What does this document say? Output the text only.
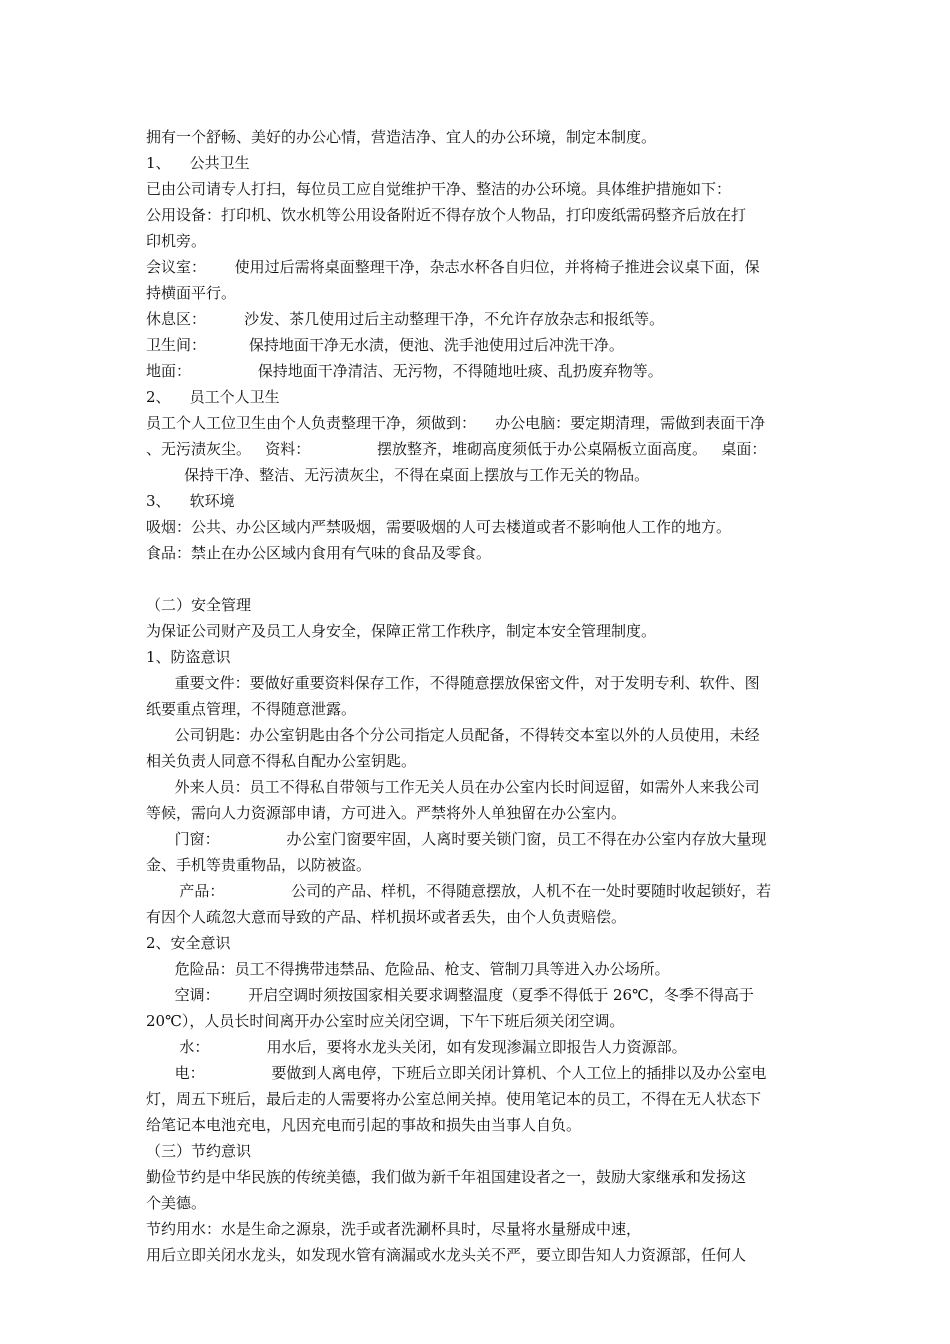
拥有一个舒畅、美好的办公心情，营造洁净、宜人的办公环境，制定本制度。
1、    公共卫生
已由公司请专人打扫，每位员工应自觉维护干净、整洁的办公环境。具体维护措施如下：
公用设备：打印机、饮水机等公用设备附近不得存放个人物品，打印废纸需码整齐后放在打
印机旁。
会议室：      使用过后需将桌面整理干净，杂志水杯各自归位，并将椅子推进会议桌下面，保
持横面平行。
休息区：        沙发、茶几使用过后主动整理干净，不允许存放杂志和报纸等。
卫生间：         保持地面干净无水渍，便池、洗手池使用过后冲洗干净。
地面：              保持地面干净清洁、无污物，不得随地吐痰、乱扔废弃物等。
2、    员工个人卫生
员工个人工位卫生由个人负责整理干净，须做到：    办公电脑：要定期清理，需做到表面干净
、无污渍灰尘。   资料：              摆放整齐，堆砌高度须低于办公桌隔板立面高度。   桌面：
保持干净、整洁、无污渍灰尘，不得在桌面上摆放与工作无关的物品。
3、    软环境
吸烟：公共、办公区域内严禁吸烟，需要吸烟的人可去楼道或者不影响他人工作的地方。
食品：禁止在办公区域内食用有气味的食品及零食。
（二）安全管理
为保证公司财产及员工人身安全，保障正常工作秩序，制定本安全管理制度。
1、防盗意识
重要文件：要做好重要资料保存工作，不得随意摆放保密文件，对于发明专利、软件、图
纸要重点管理，不得随意泄露。
公司钥匙：办公室钥匙由各个分公司指定人员配备，不得转交本室以外的人员使用，未经
相关负责人同意不得私自配办公室钥匙。
外来人员：员工不得私自带领与工作无关人员在办公室内长时间逗留，如需外人来我公司
等候，需向人力资源部申请，方可进入。严禁将外人单独留在办公室内。
门窗：              办公室门窗要牢固，人离时要关锁门窗，员工不得在办公室内存放大量现
金、手机等贵重物品，以防被盗。
产品：              公司的产品、样机，不得随意摆放，人机不在一处时要随时收起锁好，若
有因个人疏忽大意而导致的产品、样机损坏或者丢失，由个人负责赔偿。
2、安全意识
危险品：员工不得携带违禁品、危险品、枪支、管制刀具等进入办公场所。
空调：      开启空调时须按国家相关要求调整温度（夏季不得低于 26℃，冬季不得高于
20℃），人员长时间离开办公室时应关闭空调，下午下班后须关闭空调。
水：            用水后，要将水龙头关闭，如有发现渗漏立即报告人力资源部。
电：              要做到人离电停，下班后立即关闭计算机、个人工位上的插排以及办公室电
灯，周五下班后，最后走的人需要将办公室总闸关掉。使用笔记本的员工，不得在无人状态下
给笔记本电池充电，凡因充电而引起的事故和损失由当事人自负。
（三）节约意识
勤俭节约是中华民族的传统美德，我们做为新千年祖国建设者之一，鼓励大家继承和发扬这
个美德。
节约用水：水是生命之源泉，洗手或者洗涮杯具时，尽量将水量掰成中速，
用后立即关闭水龙头，如发现水管有滴漏或水龙头关不严，要立即告知人力资源部，任何人
